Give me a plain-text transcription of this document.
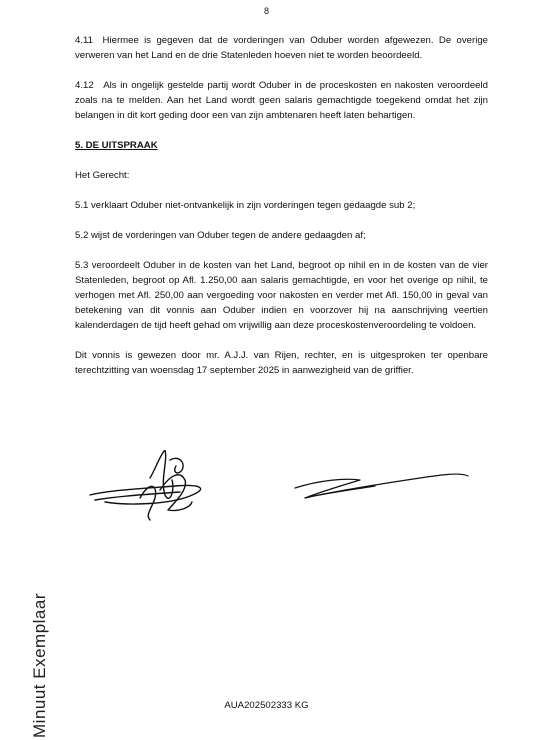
8
Minuut Exemplaar

4.11 Hiermee is gegeven dat de vorderingen van Oduber worden afgewezen. De overige verweren van het Land en de drie Statenleden hoeven niet te worden beoordeeld.

4.12 Als in ongelijk gestelde partij wordt Oduber in de proceskosten en nakosten veroordeeld zoals na te melden. Aan het Land wordt geen salaris gemachtigde toegekend omdat het zijn belangen in dit kort geding door een van zijn ambtenaren heeft laten behartigen.

5. DE UITSPRAAK

Het Gerecht:

5.1 verklaart Oduber niet-ontvankelijk in zijn vorderingen tegen gedaagde sub 2;

5.2 wijst de vorderingen van Oduber tegen de andere gedaagden af;

5.3 veroordeelt Oduber in de kosten van het Land, begroot op nihil en in de kosten van de vier Statenleden, begroot op Afl. 1.250,00 aan salaris gemachtigde, en voor het overige op nihil, te verhogen met Afl. 250,00 aan vergoeding voor nakosten en verder met Afl. 150,00 in geval van betekening van dit vonnis aan Oduber indien en voorzover hij na aanschrijving veertien kalenderdagen de tijd heeft gehad om vrijwillig aan deze proceskostenveroordeling te voldoen.

Dit vonnis is gewezen door mr. A.J.J. van Rijen, rechter, en is uitgesproken ter openbare terechtzitting van woensdag 17 september 2025 in aanwezigheid van de griffier.

AUA202502333 KG
